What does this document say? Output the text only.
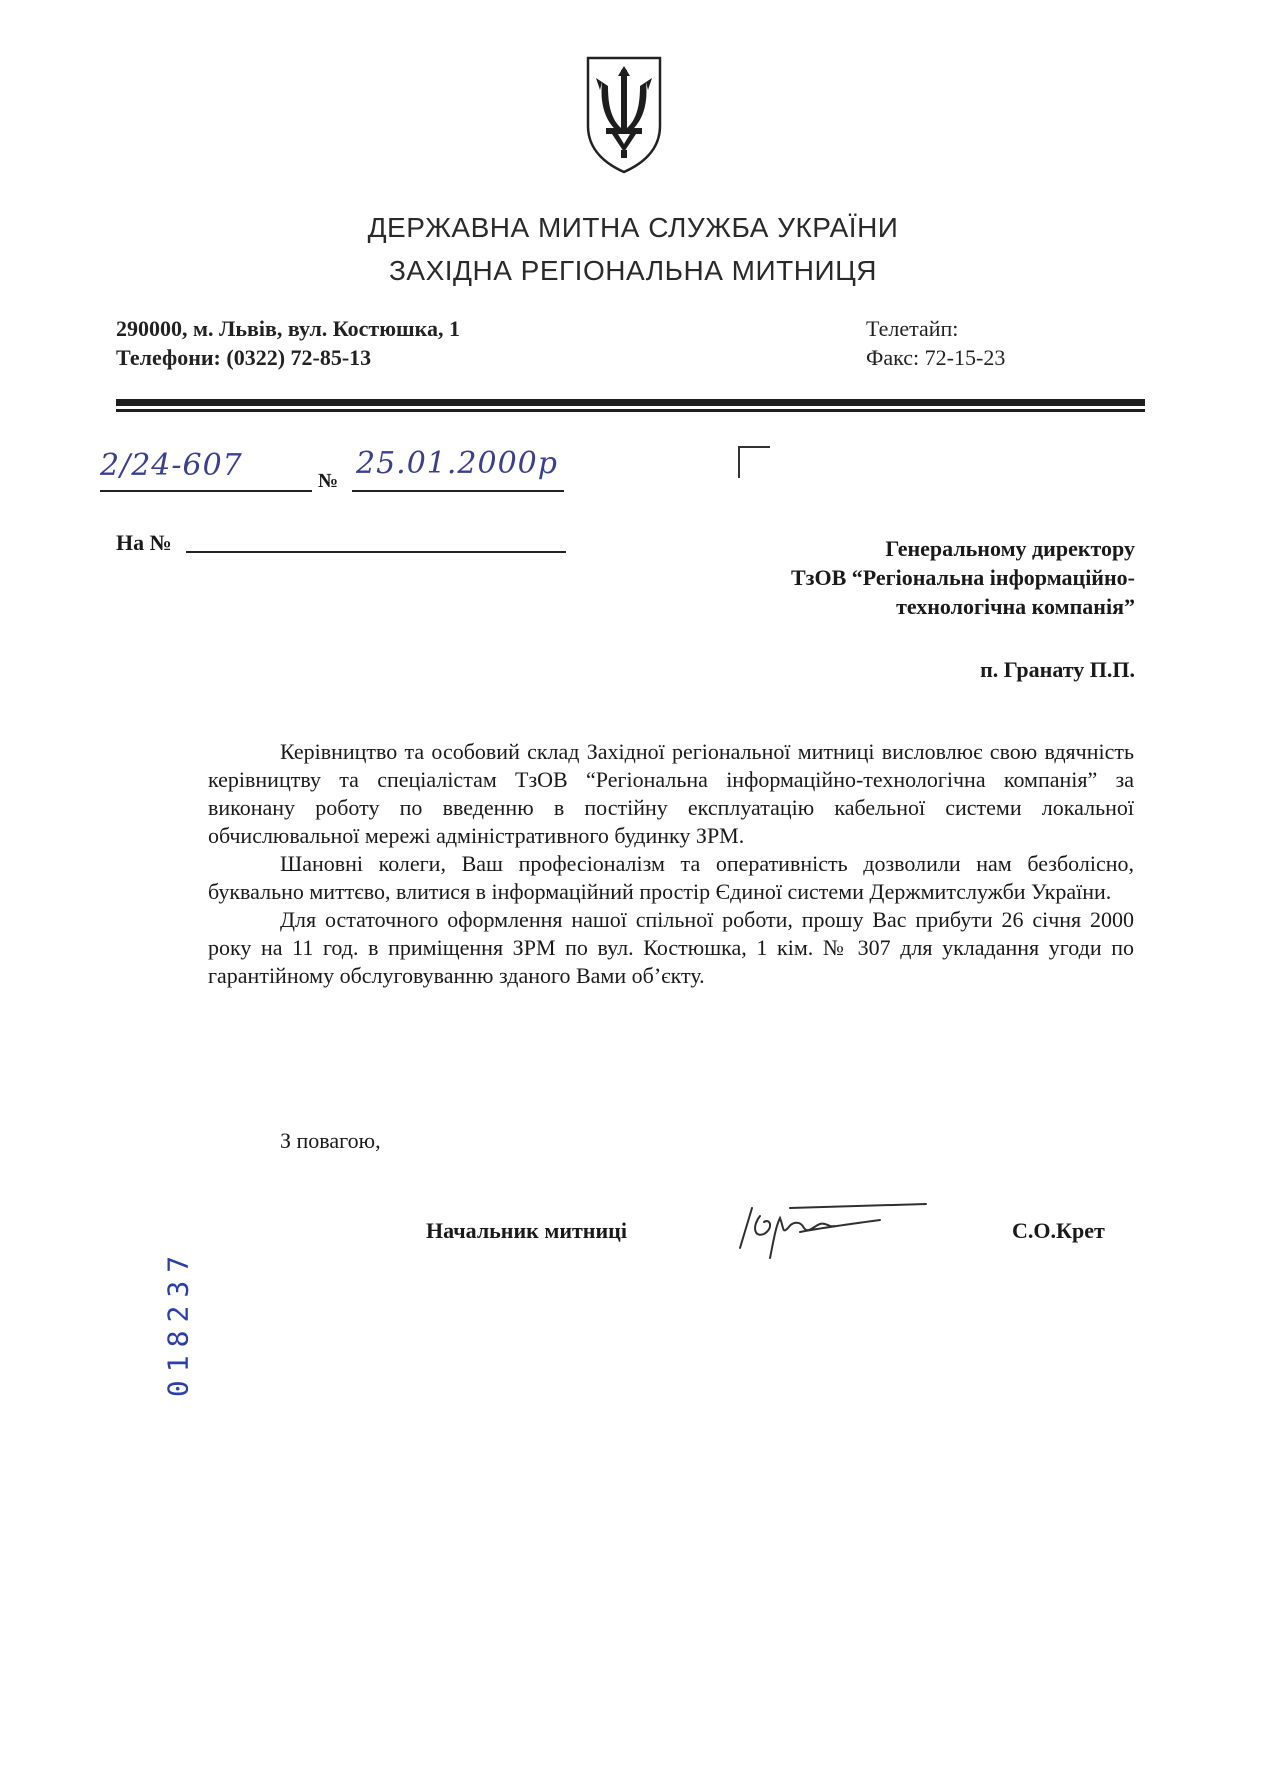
ДЕРЖАВНА МИТНА СЛУЖБА УКРАЇНИ
ЗАХІДНА РЕГІОНАЛЬНА МИТНИЦЯ
290000, м. Львів, вул. Костюшка, 1
Телефони: (0322) 72-85-13
Телетайп:
Факс: 72-15-23
2/24-607	№ 25.01.2000р
На №	Генеральному директору
ТзОВ “Регіональна інформаційно-
технологічна компанія”
п. Гранату П.П.

Керівництво та особовий склад Західної регіональної митниці висловлює свою вдячність керівництву та спеціалістам ТзОВ “Регіональна інформаційно-технологічна компанія” за виконану роботу по введенню в постійну експлуатацію кабельної системи локальної обчислювальної мережі адміністративного будинку ЗРМ.

Шановні колеги, Ваш професіоналізм та оперативність дозволили нам безболісно, буквально миттєво, влитися в інформаційний простір Єдиної системи Держмитслужби України.

Для остаточного оформлення нашої спільної роботи, прошу Вас прибути 26 січня 2000 року на 11 год. в приміщення ЗРМ по вул. Костюшка, 1 кім. № 307 для укладання угоди по гарантійному обслуговуванню зданого Вами об’єкту.

З повагою,
Начальник митниці	С.О.Крет
018237
